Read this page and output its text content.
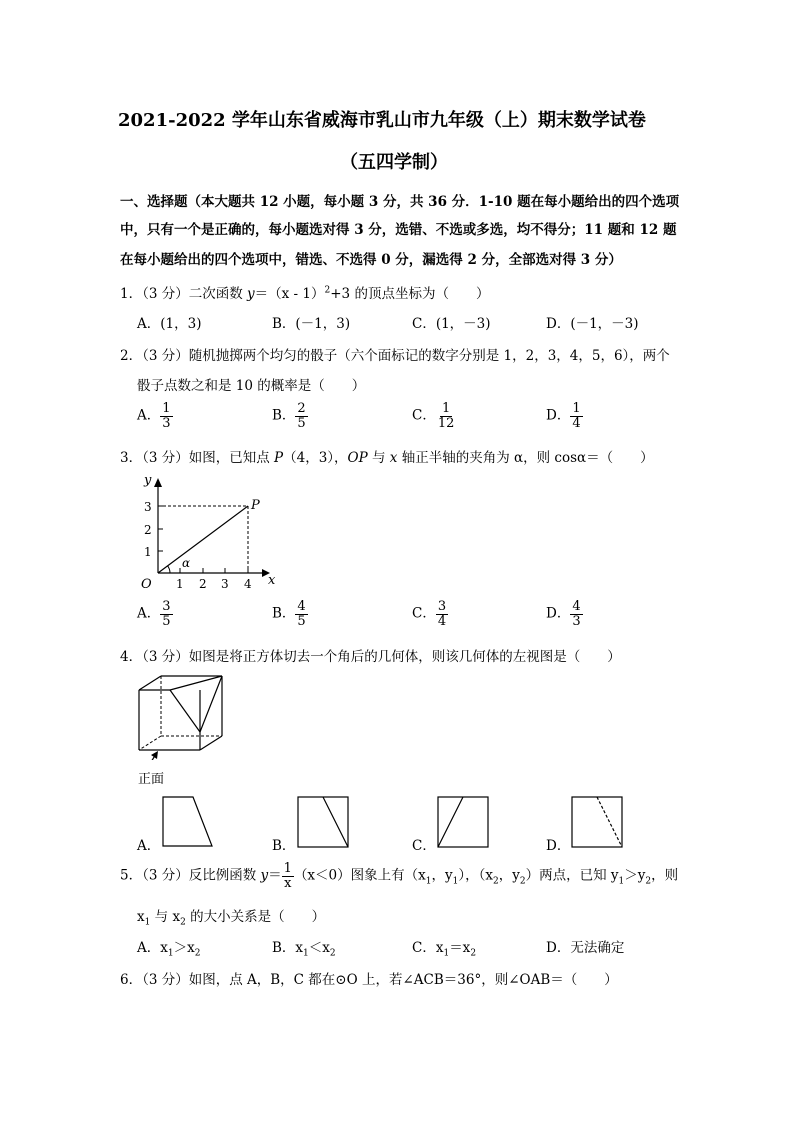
2021-2022 学年山东省威海市乳山市九年级（上）期末数学试卷
（五四学制）
一、选择题（本大题共 12 小题，每小题 3 分，共 36 分．1-10 题在每小题给出的四个选项
中，只有一个是正确的，每小题选对得 3 分，选错、不选或多选，均不得分；11 题和 12 题
在每小题给出的四个选项中，错选、不选得 0 分，漏选得 2 分，全部选对得 3 分）
1．（3 分）二次函数 y＝（x - 1）$^2$+3 的顶点坐标为（　　）
A．(1，3)	B．(－1，3)	C．(1，－3)	D．(－1，－3)
2．（3 分）随机抛掷两个均匀的骰子（六个面标记的数字分别是 1，2，3，4，5，6），两个
骰子点数之和是 10 的概率是（　　）
A． $\frac{1}{3}$	B． $\frac{2}{5}$	C． $\frac{1}{12}$	D． $\frac{1}{4}$
3．（3 分）如图，已知点 P（4，3），OP 与 x 轴正半轴的夹角为 α，则 cosα＝（　　）
y
x
O
P
α
1 2 3 4
1
2
3
A． $\frac{3}{5}$	B． $\frac{4}{5}$	C． $\frac{3}{4}$	D． $\frac{4}{3}$
4．（3 分）如图是将正方体切去一个角后的几何体，则该几何体的左视图是（　　）
正面
A．	B．	C．	D．
5．（3 分）反比例函数 $y= \frac{1}{x} (x<0)$图象上有（$x_1$，$y_1$），（$x_2$，$y_2$）两点，已知 $y_1>y_2$，则
$x_1$ 与 $x_2$ 的大小关系是（　　）
A．$x_1>x_2$	B．$x_1<x_2$	C．$x_1=x_2$	D．无法确定
6．（3 分）如图，点 A，B，C 都在⊙O 上，若∠ACB＝36°，则∠OAB＝（　　）
